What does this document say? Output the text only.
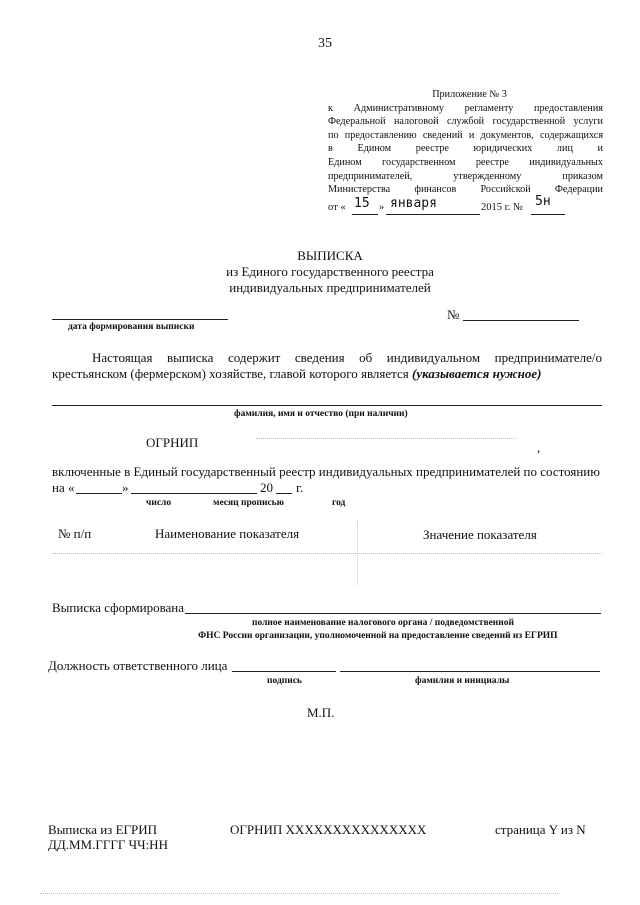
35
Приложение № 3
к Административному регламенту предоставления
Федеральной налоговой службой государственной услуги
по предоставлению сведений и документов, содержащихся
в Едином реестре юридических лиц и
Едином государственном реестре индивидуальных
предпринимателей, утвержденному приказом
Министерства финансов Российской Федерации
от « 15 » января	2015 г. № 5н
ВЫПИСКА
из Единого государственного реестра
индивидуальных предпринимателей
дата формирования выписки
№
Настоящая выписка содержит сведения об индивидуальном предпринимателе/о
крестьянском (фермерском) хозяйстве, главой которого является (указывается нужное)
фамилия, имя и отчество (при наличии)
ОГРНИП	,
включенные в Единый государственный реестр индивидуальных предпринимателей по состоянию
на «	»	20 г.
число	месяц прописью	год
№ п/п	Наименование показателя	Значение показателя
Выписка сформирована
полное наименование налогового органа / подведомственной
ФНС России организации, уполномоченной на предоставление сведений из ЕГРИП
Должность ответственного лица
подпись	фамилия и инициалы
М.П.
Выписка из ЕГРИП
ДД.ММ.ГГГГ ЧЧ:НН
ОГРНИП ХХХХХХХХХХХХХХХ	страница Y из N
